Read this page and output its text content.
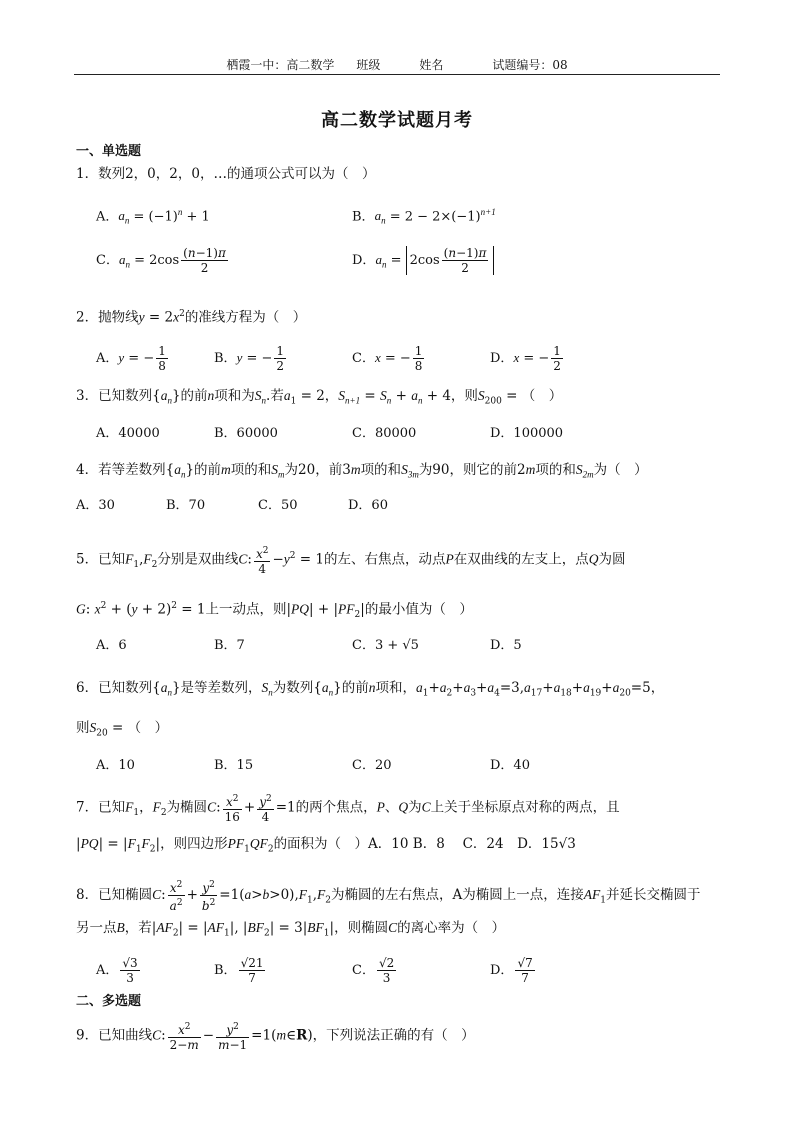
栖霞一中：高二数学 班级	姓名	试题编号：08
高二数学试题月考
一、单选题
1．数列2，0，2，0，…的通项公式可以为（　）
A．$a_n = (-1)^n + 1$	B．$a_n = 2 - 2\times(-1)^{n+1}$
C．$a_n = 2\cos \frac{(n-1)\pi}{2}$	D．$a_n = 2\cos \frac{(n-1)\pi}{2}$
2．抛物线$y = 2x^2$的准线方程为（　）
A．y = − $\frac{1}{8}$	B．y = − $\frac{1}{2}$	C．x = − $\frac{1}{8}$	D．x = − $\frac{1}{2}$
3．已知数列$\{a_n\}$的前n项和为$S_n$.若$a_1 = 2$，$S_{n+1} = S_n + a_n + 4$，则$S_{200}$ = （　）
A．40000	B．60000	C．80000	D．100000
4．若等差数列$\{a_n\}$的前m项的和$S_m$为20，前3m项的和$S_{3m}$为90，则它的前2m项的和$S_{2m}$为（　）
A．30	B．70	C．50	D．60
5．已知$F_1,F_2$分别是双曲线C: $\frac{x^2}{4} -y^2 = 1$的左、右焦点，动点P在双曲线的左支上，点Q为圆
G: $x^2 + (y + 2)^2 = 1$上一动点，则$|PQ| + |PF_2|$的最小值为（　）
A．6	B．7	C．3 + √5	D．5
6．已知数列$\{a_n\}$是等差数列，$S_n$为数列$\{a_n\}$的前n项和，$a_1+a_2+a_3+a_4=3,a_{17}+a_{18}+a_{19}+a_{20}=5$，
则$S_{20}$ = （　）
A．10	B．15	C．20	D．40
7．已知$F_1$，$F_2$为椭圆C: $\frac{x^2}{16} + \frac{y^2}{4} =1$的两个焦点，P、Q为C上关于坐标原点对称的两点，且
$|PQ| = |F_1F_2|$，则四边形$PF_1QF_2$的面积为（　）A．10 B．8　 C．24　D．15√3
8．已知椭圆C: $\frac{x^2}{a^2} + \frac{y^2}{b^2} =1(a>b>0),F_1,F_2$为椭圆的左右焦点，A为椭圆上一点，连接$AF_1$并延长交椭圆于
另一点B，若$|AF_2| = |AF_1|$, $|BF_2| = 3|BF_1|$，则椭圆C的离心率为（　）
A． $\frac{√3}{3}$	B． $\frac{√21}{7}$	C． $\frac{√2}{3}$	D． $\frac{√7}{7}$
二、多选题
9．已知曲线C: $\frac{x^2}{2-m} - \frac{y^2}{m-1}$ =1(m∈R)，下列说法正确的有（　）
